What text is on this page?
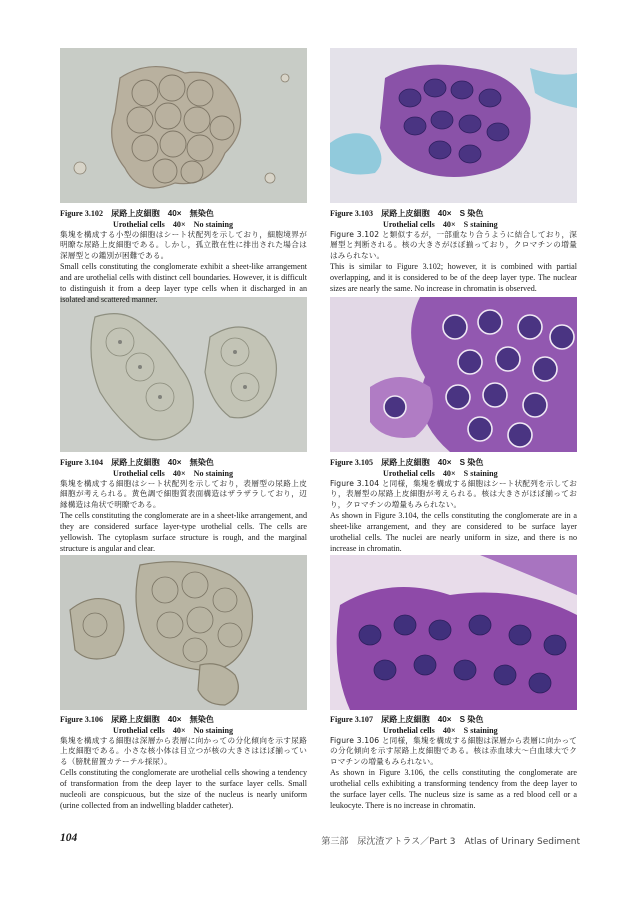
Figure 3.102　 尿路上皮細胞　40×　無染色

Urothelial cells　40×　No staining

集塊を構成する小型の細胞はシート状配列を示しており，細胞境界が明瞭な尿路上皮細胞である。しかし，孤立散在性に排出された場合は深層型との鑑別が困難である。

Small cells constituting the conglomerate exhibit a sheet-like arrangement and are urothelial cells with distinct cell boundaries. However, it is difficult to distinguish it from a deep layer type cells when it discharged in an isolated and scattered manner.

Figure 3.103　 尿路上皮細胞　40×　S 染色

Urothelial cells　40×　S staining

Figure 3.102 と類似するが，一部重なり合うように結合しており，深層型と判断される。核の大きさがほぼ揃っており，クロマチンの増量はみられない。

This is similar to Figure 3.102; however, it is combined with partial overlapping, and it is considered to be of the deep layer type. The nuclear sizes are nearly the same. No increase in chromatin is observed.

Figure 3.104　 尿路上皮細胞　40×　無染色

Urothelial cells　40×　No staining

集塊を構成する細胞はシート状配列を示しており，表層型の尿路上皮細胞が考えられる。黄色調で細胞質表面構造はザラザラしており，辺縁構造は角状で明瞭である。

The cells constituting the conglomerate are in a sheet-like arrangement, and they are considered surface layer-type urothelial cells. The cells are yellowish. The cytoplasm surface structure is rough, and the marginal structure is angular and clear.

Figure 3.105　 尿路上皮細胞　40×　S 染色

Urothelial cells　40×　S staining

Figure 3.104 と同様，集塊を構成する細胞はシート状配列を示しており，表層型の尿路上皮細胞が考えられる。核は大きさがほぼ揃っており，クロマチンの増量もみられない。

As shown in Figure 3.104, the cells constituting the conglomerate are in a sheet-like arrangement, and they are considered to be surface layer urothelial cells. The nuclei are nearly uniform in size, and there is no increase in chromatin.

Figure 3.106　 尿路上皮細胞　40×　無染色

Urothelial cells　40×　No staining

集塊を構成する細胞は深層から表層に向かっての分化傾向を示す尿路上皮細胞である。小さな核小体は目立つが核の大きさはほぼ揃っている（膀胱留置カテーテル採尿）。

Cells constituting the conglomerate are urothelial cells showing a tendency of transformation from the deep layer to the surface layer cells. Small nucleoli are conspicuous, but the size of the nucleus is nearly uniform (urine collected from an indwelling bladder catheter).

Figure 3.107　 尿路上皮細胞　40×　S 染色

Urothelial cells　40×　S staining

Figure 3.106 と同様，集塊を構成する細胞は深層から表層に向かっての分化傾向を示す尿路上皮細胞である。核は赤血球大〜白血球大でクロマチンの増量もみられない。

As shown in Figure 3.106, the cells constituting the conglomerate are urothelial cells exhibiting a transforming tendency from the deep layer to the surface layer cells. The nucleus size is same as a red blood cell or a leukocyte. There is no increase in chromatin.

104	第三部　尿沈渣アトラス／Part 3　Atlas of Urinary Sediment
